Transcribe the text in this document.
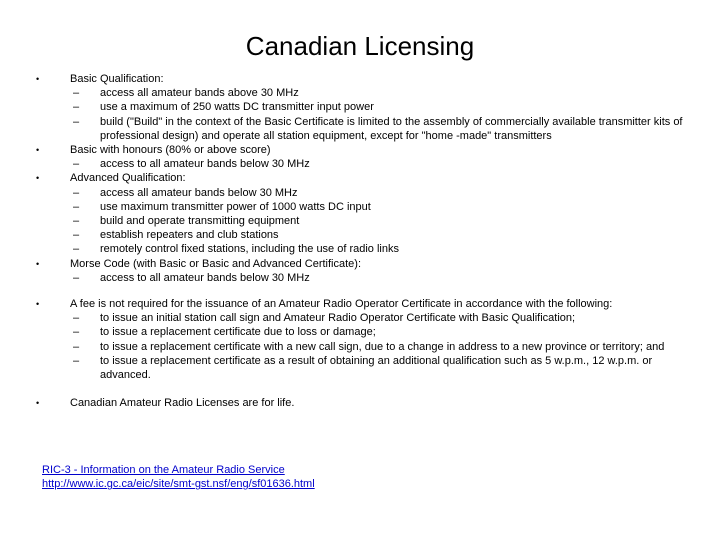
Canadian Licensing
•	Basic Qualification:
– access all amateur bands above 30 MHz
– use a maximum of 250 watts DC transmitter input power
– build ("Build" in the context of the Basic Certificate is limited to the assembly of commercially available transmitter kits of professional design) and operate all station equipment, except for "home -made" transmitters
•	Basic with honours (80% or above score)
– access to all amateur bands below 30 MHz
•	Advanced Qualification:
– access all amateur bands below 30 MHz
– use maximum transmitter power of 1000 watts DC input
– build and operate transmitting equipment
– establish repeaters and club stations
– remotely control fixed stations, including the use of radio links
•	Morse Code (with Basic or Basic and Advanced Certificate):
– access to all amateur bands below 30 MHz
•	A fee is not required for the issuance of an Amateur Radio Operator Certificate in accordance with the following:
– to issue an initial station call sign and Amateur Radio Operator Certificate with Basic Qualification;
– to issue a replacement certificate due to loss or damage;
– to issue a replacement certificate with a new call sign, due to a change in address to a new province or territory; and
– to issue a replacement certificate as a result of obtaining an additional qualification such as 5 w.p.m., 12 w.p.m. or advanced.
•	Canadian Amateur Radio Licenses are for life.
RIC-3 - Information on the Amateur Radio Service
http://www.ic.gc.ca/eic/site/smt-gst.nsf/eng/sf01636.html
